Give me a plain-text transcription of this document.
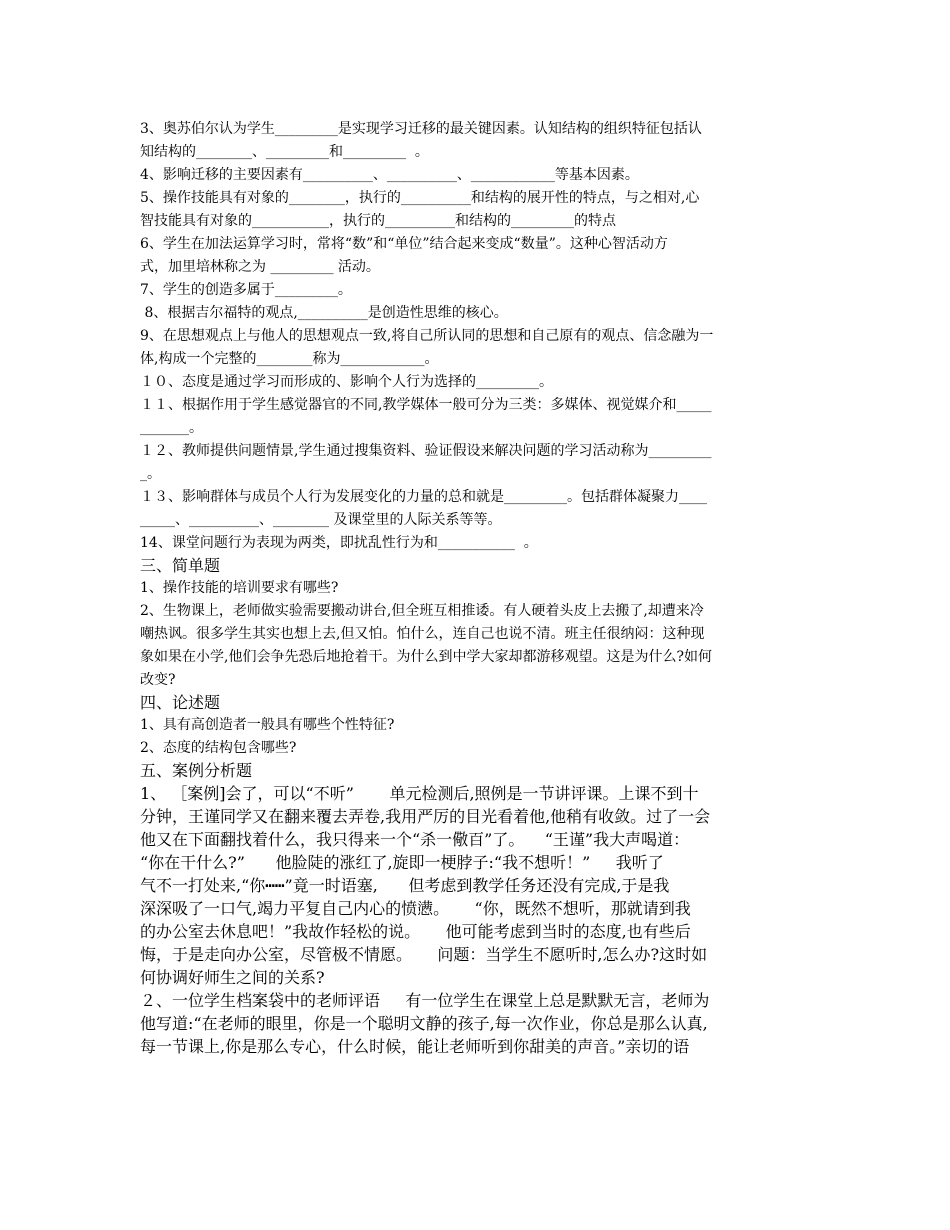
3、奥苏伯尔认为学生_________是实现学习迁移的最关键因素。认知结构的组织特征包括认

知结构的________、_________和_________  。

4、影响迁移的主要因素有__________、__________、____________等基本因素。

5、操作技能具有对象的________，执行的__________和结构的展开性的特点，与之相对,心

智技能具有对象的___________，执行的__________和结构的_________的特点

6、学生在加法运算学习时，常将“数”和“单位”结合起来变成“数量”。这种心智活动方

式，加里培林称之为 _________ 活动。

7、学生的创造多属于_________。

8、根据吉尔福特的观点,__________是创造性思维的核心。

9、在思想观点上与他人的思想观点一致,将自己所认同的思想和自己原有的观点、信念融为一

体,构成一个完整的________称为____________。

１０、态度是通过学习而形成的、影响个人行为选择的_________。

１１、根据作用于学生感觉器官的不同,教学媒体一般可分为三类：多媒体、视觉媒介和_____

_______。

１２、教师提供问题情景,学生通过搜集资料、验证假设来解决问题的学习活动称为_________

_。

１３、影响群体与成员个人行为发展变化的力量的总和就是_________。包括群体凝聚力____

_____、__________、________ 及课堂里的人际关系等等。

14、课堂问题行为表现为两类，即扰乱性行为和___________  。

三、简单题

1、操作技能的培训要求有哪些?

2、生物课上，老师做实验需要搬动讲台,但全班互相推诿。有人硬着头皮上去搬了,却遭来冷

嘲热讽。很多学生其实也想上去,但又怕。怕什么，连自己也说不清。班主任很纳闷：这种现

象如果在小学,他们会争先恐后地抢着干。为什么到中学大家却都游移观望。这是为什么?如何

改变?

四、论述题

1、具有高创造者一般具有哪些个性特征?

2、态度的结构包含哪些?

五、案例分析题

1、 ［案例]会了，可以“不听”       单元检测后,照例是一节讲评课。上课不到十

分钟，王谨同学又在翻来覆去弄卷,我用严厉的目光看着他,他稍有收敛。过了一会

他又在下面翻找着什么，我只得来一个“杀一儆百”了。    “王谨”我大声喝道：

“你在干什么?”      他脸陡的涨红了,旋即一梗脖子:“我不想听！”     我听了

气不一打处来,“你┅┅”竟一时语塞,      但考虑到教学任务还没有完成,于是我

深深吸了一口气,竭力平复自己内心的愤懑。     “你，既然不想听，那就请到我

的办公室去休息吧！”我故作轻松的说。     他可能考虑到当时的态度,也有些后

悔，于是走向办公室，尽管极不情愿。     问题：当学生不愿听时,怎么办?这时如

何协调好师生之间的关系?

２、一位学生档案袋中的老师评语     有一位学生在课堂上总是默默无言，老师为

他写道:“在老师的眼里，你是一个聪明文静的孩子,每一次作业，你总是那么认真,

每一节课上,你是那么专心，什么时候，能让老师听到你甜美的声音。”亲切的语
